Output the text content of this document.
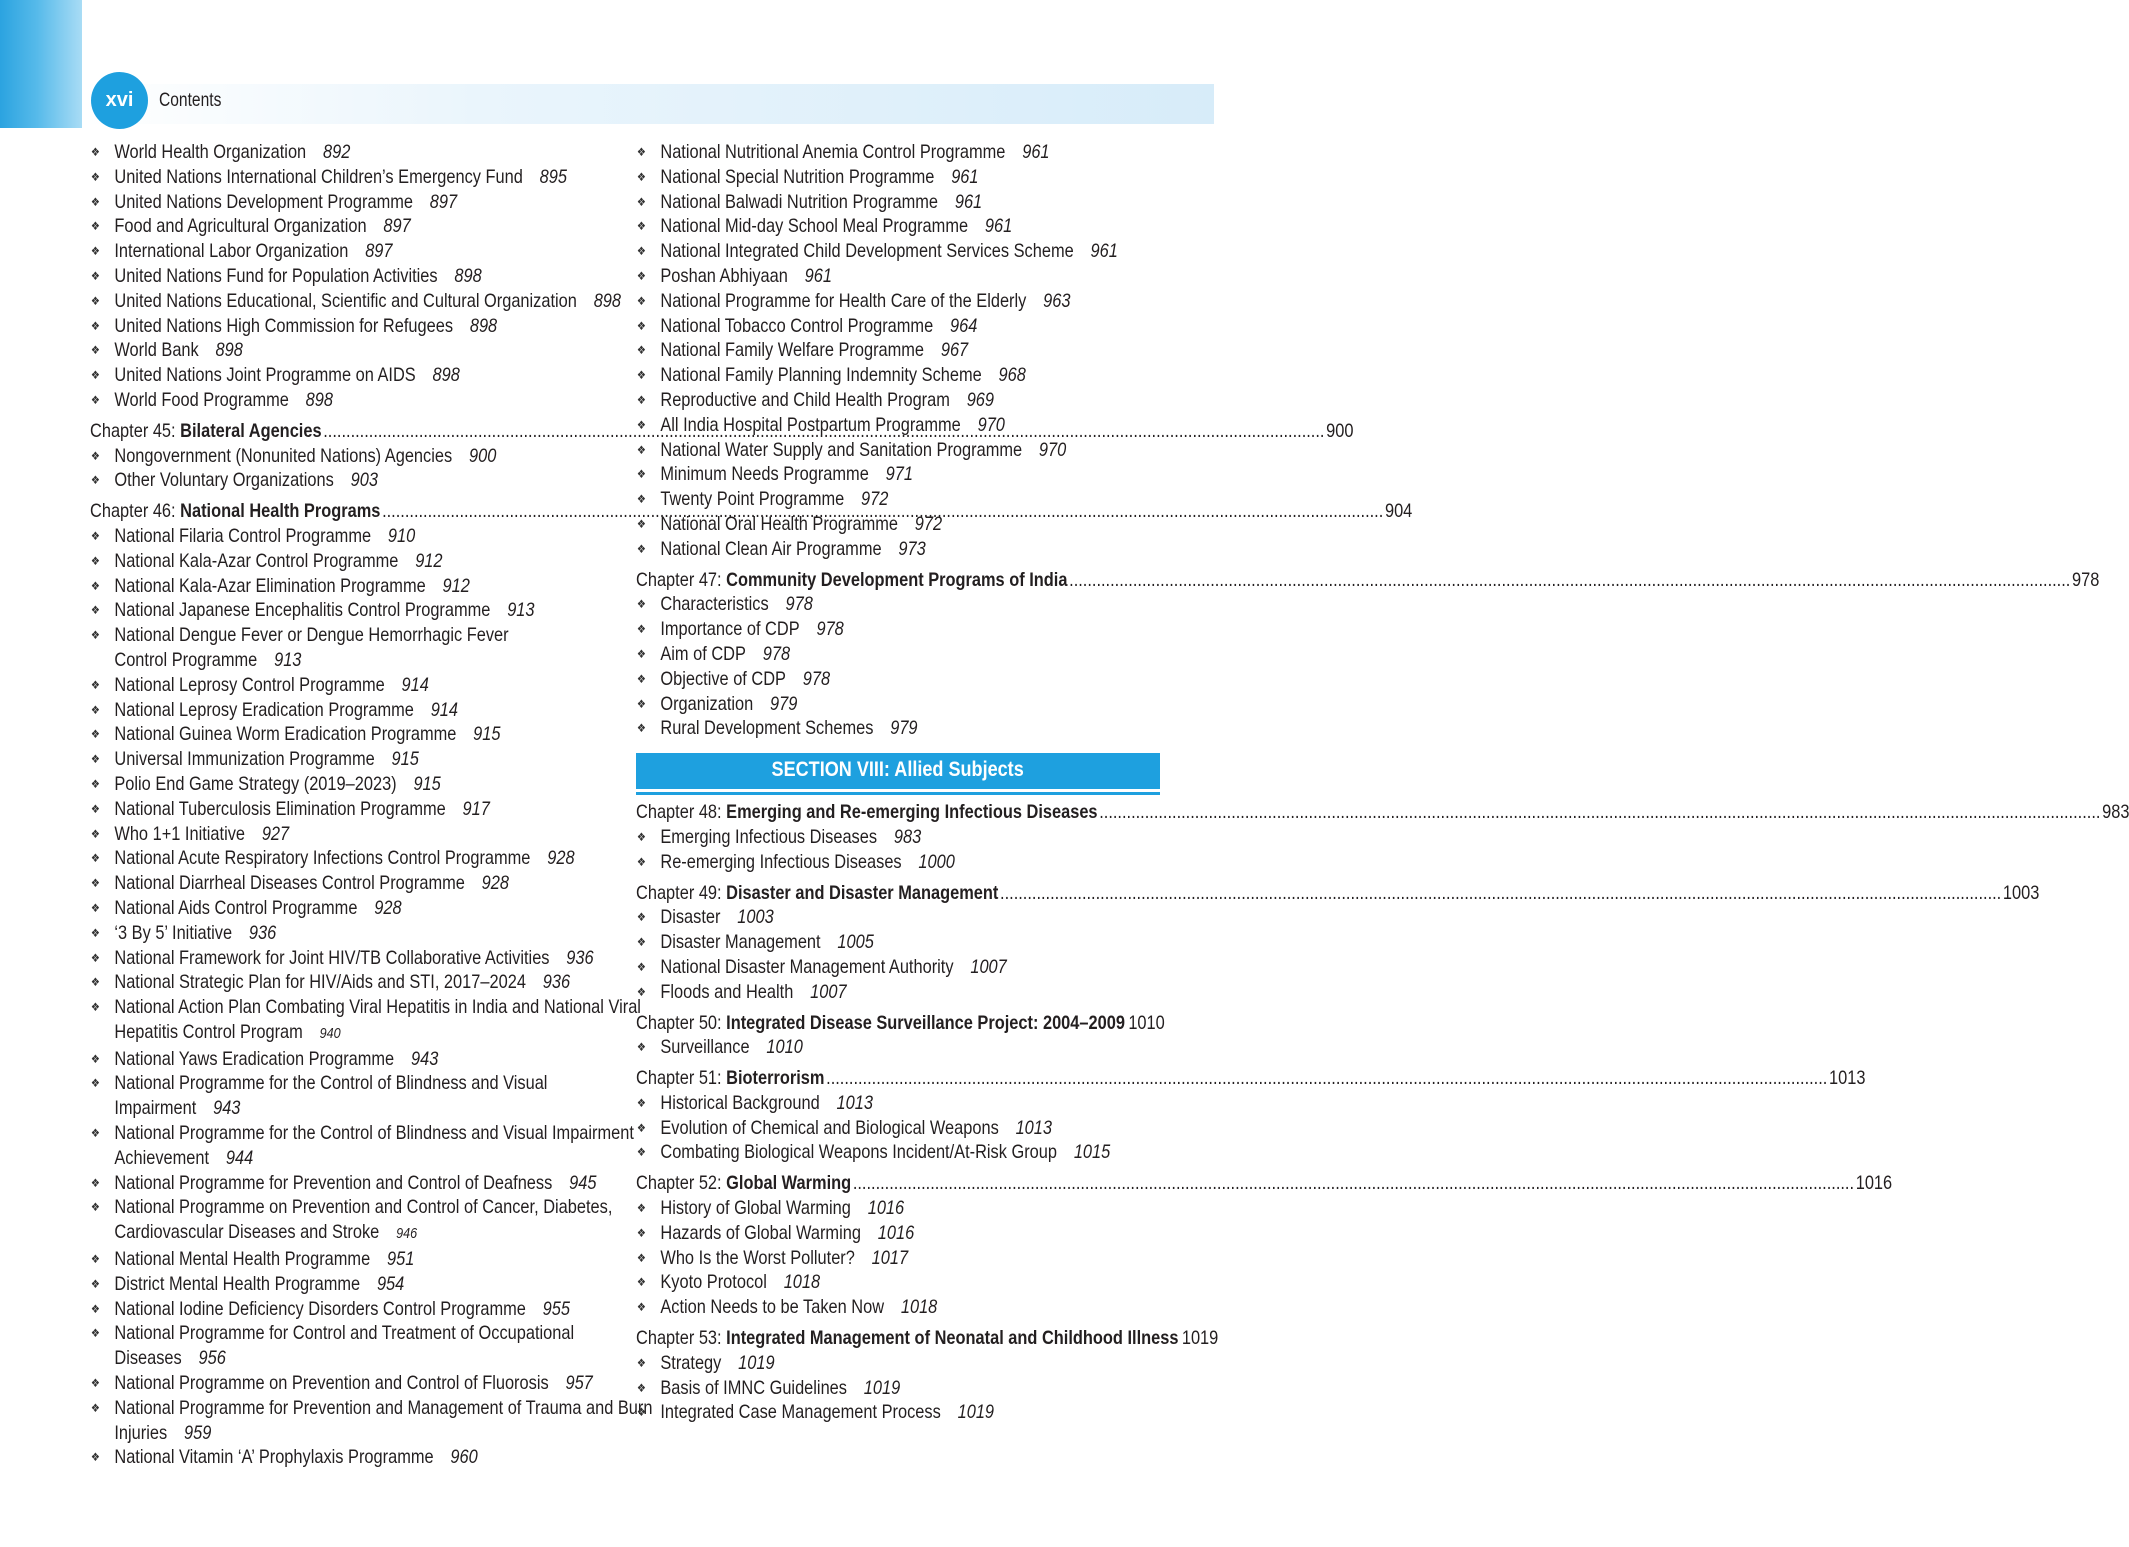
xvi	Contents
❖ World Health Organization 892
❖ United Nations International Children’s Emergency Fund 895
❖ United Nations Development Programme 897
❖ Food and Agricultural Organization 897
❖ International Labor Organization 897
❖ United Nations Fund for Population Activities 898
❖ United Nations Educational, Scientific and Cultural Organization 898
❖ United Nations High Commission for Refugees 898
❖ World Bank 898
❖ United Nations Joint Programme on AIDS 898
❖ World Food Programme 898
Chapter 45: Bilateral Agencies .....	900
❖ Nongovernment (Nonunited Nations) Agencies 900
❖ Other Voluntary Organizations 903
Chapter 46: National Health Programs .....	904
❖ National Filaria Control Programme 910
❖ National Kala-Azar Control Programme 912
❖ National Kala-Azar Elimination Programme 912
❖ National Japanese Encephalitis Control Programme 913
❖ National Dengue Fever or Dengue Hemorrhagic Fever
Control Programme 913
❖ National Leprosy Control Programme 914
❖ National Leprosy Eradication Programme 914
❖ National Guinea Worm Eradication Programme 915
❖ Universal Immunization Programme 915
❖ Polio End Game Strategy (2019–2023) 915
❖ National Tuberculosis Elimination Programme 917
❖ Who 1+1 Initiative 927
❖ National Acute Respiratory Infections Control Programme 928
❖ National Diarrheal Diseases Control Programme 928
❖ National Aids Control Programme 928
❖ ‘3 By 5’ Initiative 936
❖ National Framework for Joint HIV/TB Collaborative Activities 936
❖ National Strategic Plan for HIV/Aids and STI, 2017–2024 936
❖ National Action Plan Combating Viral Hepatitis in India and National Viral
Hepatitis Control Program 940
❖ National Yaws Eradication Programme 943
❖ National Programme for the Control of Blindness and Visual
Impairment 943
❖ National Programme for the Control of Blindness and Visual Impairment
Achievement 944
❖ National Programme for Prevention and Control of Deafness 945
❖ National Programme on Prevention and Control of Cancer, Diabetes,
Cardiovascular Diseases and Stroke 946
❖ National Mental Health Programme 951
❖ District Mental Health Programme 954
❖ National Iodine Deficiency Disorders Control Programme 955
❖ National Programme for Control and Treatment of Occupational
Diseases 956
❖ National Programme on Prevention and Control of Fluorosis 957
❖ National Programme for Prevention and Management of Trauma and Burn
Injuries 959
❖ National Vitamin ‘A’ Prophylaxis Programme 960
❖ National Nutritional Anemia Control Programme 961
❖ National Special Nutrition Programme 961
❖ National Balwadi Nutrition Programme 961
❖ National Mid-day School Meal Programme 961
❖ National Integrated Child Development Services Scheme 961
❖ Poshan Abhiyaan 961
❖ National Programme for Health Care of the Elderly 963
❖ National Tobacco Control Programme 964
❖ National Family Welfare Programme 967
❖ National Family Planning Indemnity Scheme 968
❖ Reproductive and Child Health Program 969
❖ All India Hospital Postpartum Programme 970
❖ National Water Supply and Sanitation Programme 970
❖ Minimum Needs Programme 971
❖ Twenty Point Programme 972
❖ National Oral Health Programme 972
❖ National Clean Air Programme 973
Chapter 47: Community Development Programs of India .....	978
❖ Characteristics 978
❖ Importance of CDP 978
❖ Aim of CDP 978
❖ Objective of CDP 978
❖ Organization 979
❖ Rural Development Schemes 979
SECTION VIII: Allied Subjects
Chapter 48: Emerging and Re-emerging Infectious Diseases .....	983
❖ Emerging Infectious Diseases 983
❖ Re-emerging Infectious Diseases 1000
Chapter 49: Disaster and Disaster Management .....	1003
❖ Disaster 1003
❖ Disaster Management 1005
❖ National Disaster Management Authority 1007
❖ Floods and Health 1007
Chapter 50: Integrated Disease Surveillance Project: 2004–2009 1010
❖ Surveillance 1010
Chapter 51: Bioterrorism .....	1013
❖ Historical Background 1013
❖ Evolution of Chemical and Biological Weapons 1013
❖ Combating Biological Weapons Incident/At-Risk Group 1015
Chapter 52: Global Warming .....	1016
❖ History of Global Warming 1016
❖ Hazards of Global Warming 1016
❖ Who Is the Worst Polluter? 1017
❖ Kyoto Protocol 1018
❖ Action Needs to be Taken Now 1018
Chapter 53: Integrated Management of Neonatal and Childhood Illness 1019
❖ Strategy 1019
❖ Basis of IMNC Guidelines 1019
❖ Integrated Case Management Process 1019
